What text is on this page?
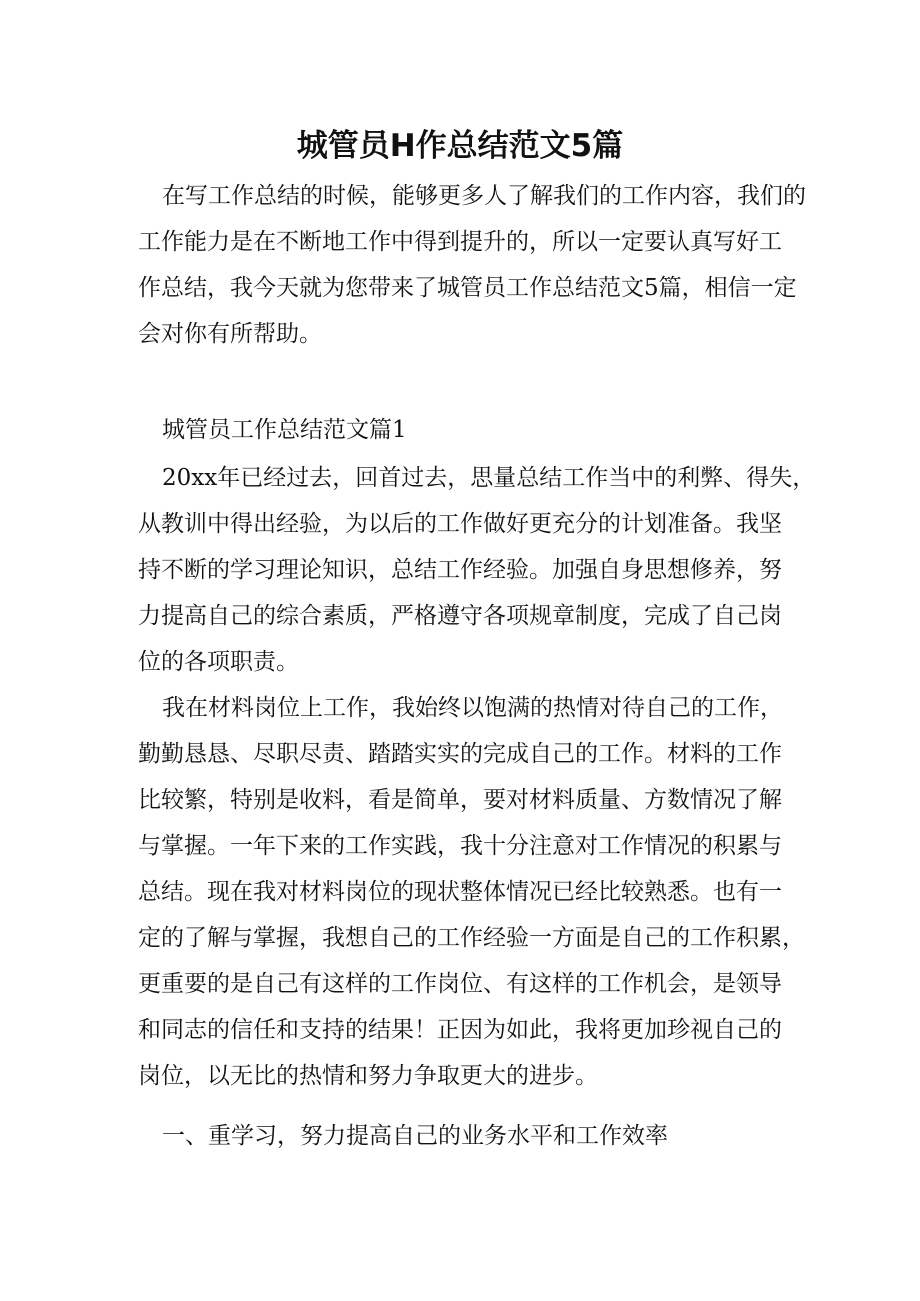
城管员H作总结范文5篇

在写工作总结的时候，能够更多人了解我们的工作内容，我们的

工作能力是在不断地工作中得到提升的，所以一定要认真写好工

作总结，我今天就为您带来了城管员工作总结范文5篇，相信一定

会对你有所帮助。

城管员工作总结范文篇1

20xx年已经过去，回首过去，思量总结工作当中的利弊、得失，

从教训中得出经验，为以后的工作做好更充分的计划准备。我坚

持不断的学习理论知识，总结工作经验。加强自身思想修养，努

力提高自己的综合素质，严格遵守各项规章制度，完成了自己岗

位的各项职责。

我在材料岗位上工作，我始终以饱满的热情对待自己的工作，

勤勤恳恳、尽职尽责、踏踏实实的完成自己的工作。材料的工作

比较繁，特别是收料，看是简单，要对材料质量、方数情况了解

与掌握。一年下来的工作实践，我十分注意对工作情况的积累与

总结。现在我对材料岗位的现状整体情况已经比较熟悉。也有一

定的了解与掌握，我想自己的工作经验一方面是自己的工作积累，

更重要的是自己有这样的工作岗位、有这样的工作机会，是领导

和同志的信任和支持的结果！正因为如此，我将更加珍视自己的

岗位，以无比的热情和努力争取更大的进步。

一、重学习，努力提高自己的业务水平和工作效率
